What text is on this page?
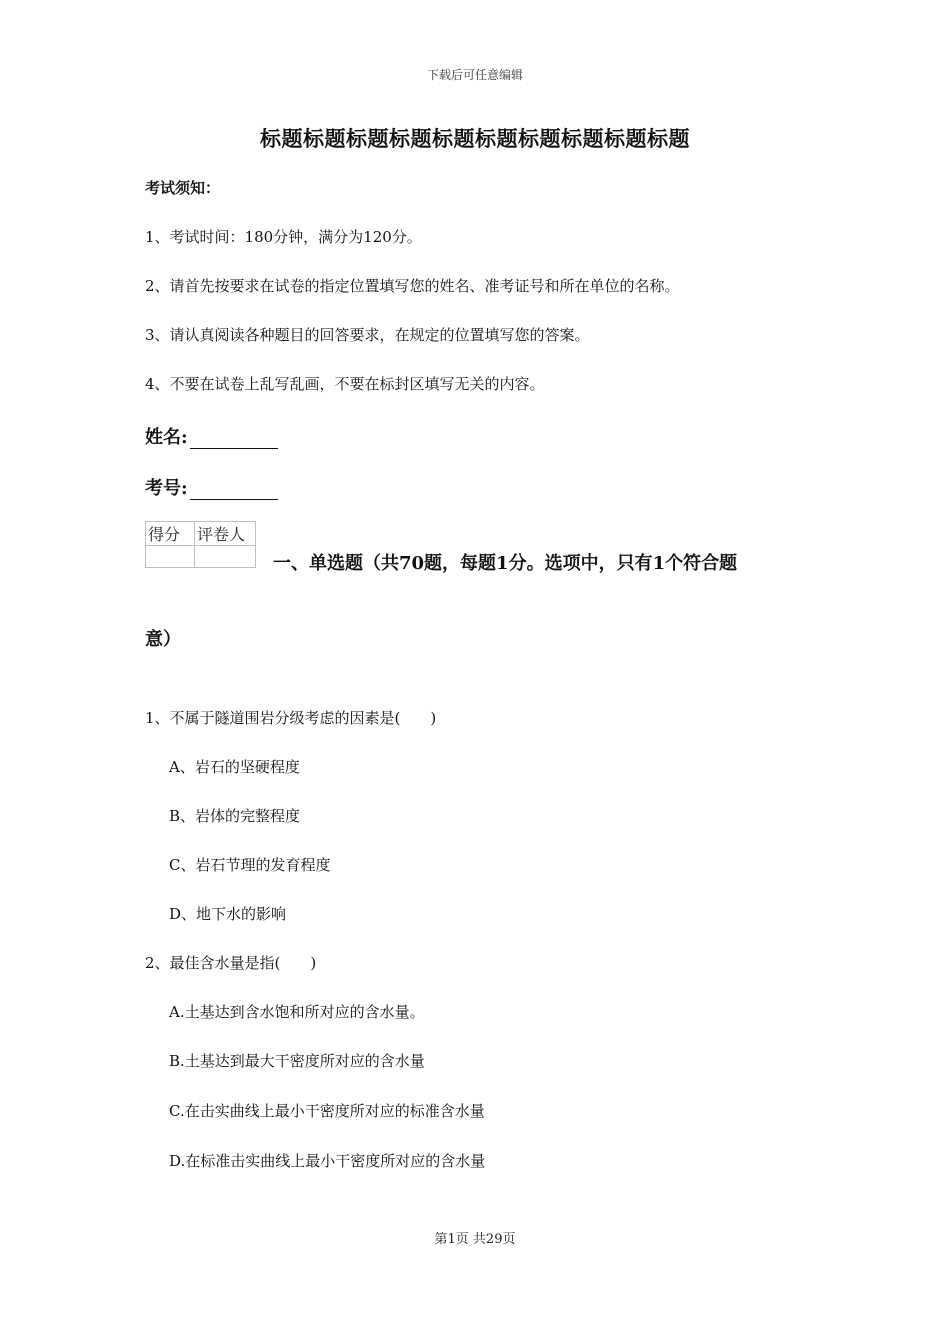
下载后可任意编辑
标题标题标题标题标题标题标题标题标题标题
考试须知：
1、考试时间：180分钟，满分为120分。
2、请首先按要求在试卷的指定位置填写您的姓名、准考证号和所在单位的名称。
3、请认真阅读各种题目的回答要求，在规定的位置填写您的答案。
4、不要在试卷上乱写乱画，不要在标封区填写无关的内容。
姓名:
考号:
得分	评卷人

一、单选题（共70题，每题1分。选项中，只有1个符合题
意）
1、不属于隧道围岩分级考虑的因素是(　　)
A、岩石的坚硬程度
B、岩体的完整程度
C、岩石节理的发育程度
D、地下水的影响
2、最佳含水量是指(　　)
A.土基达到含水饱和所对应的含水量。
B.土基达到最大干密度所对应的含水量
C.在击实曲线上最小干密度所对应的标准含水量
D.在标准击实曲线上最小干密度所对应的含水量
第1页 共29页
